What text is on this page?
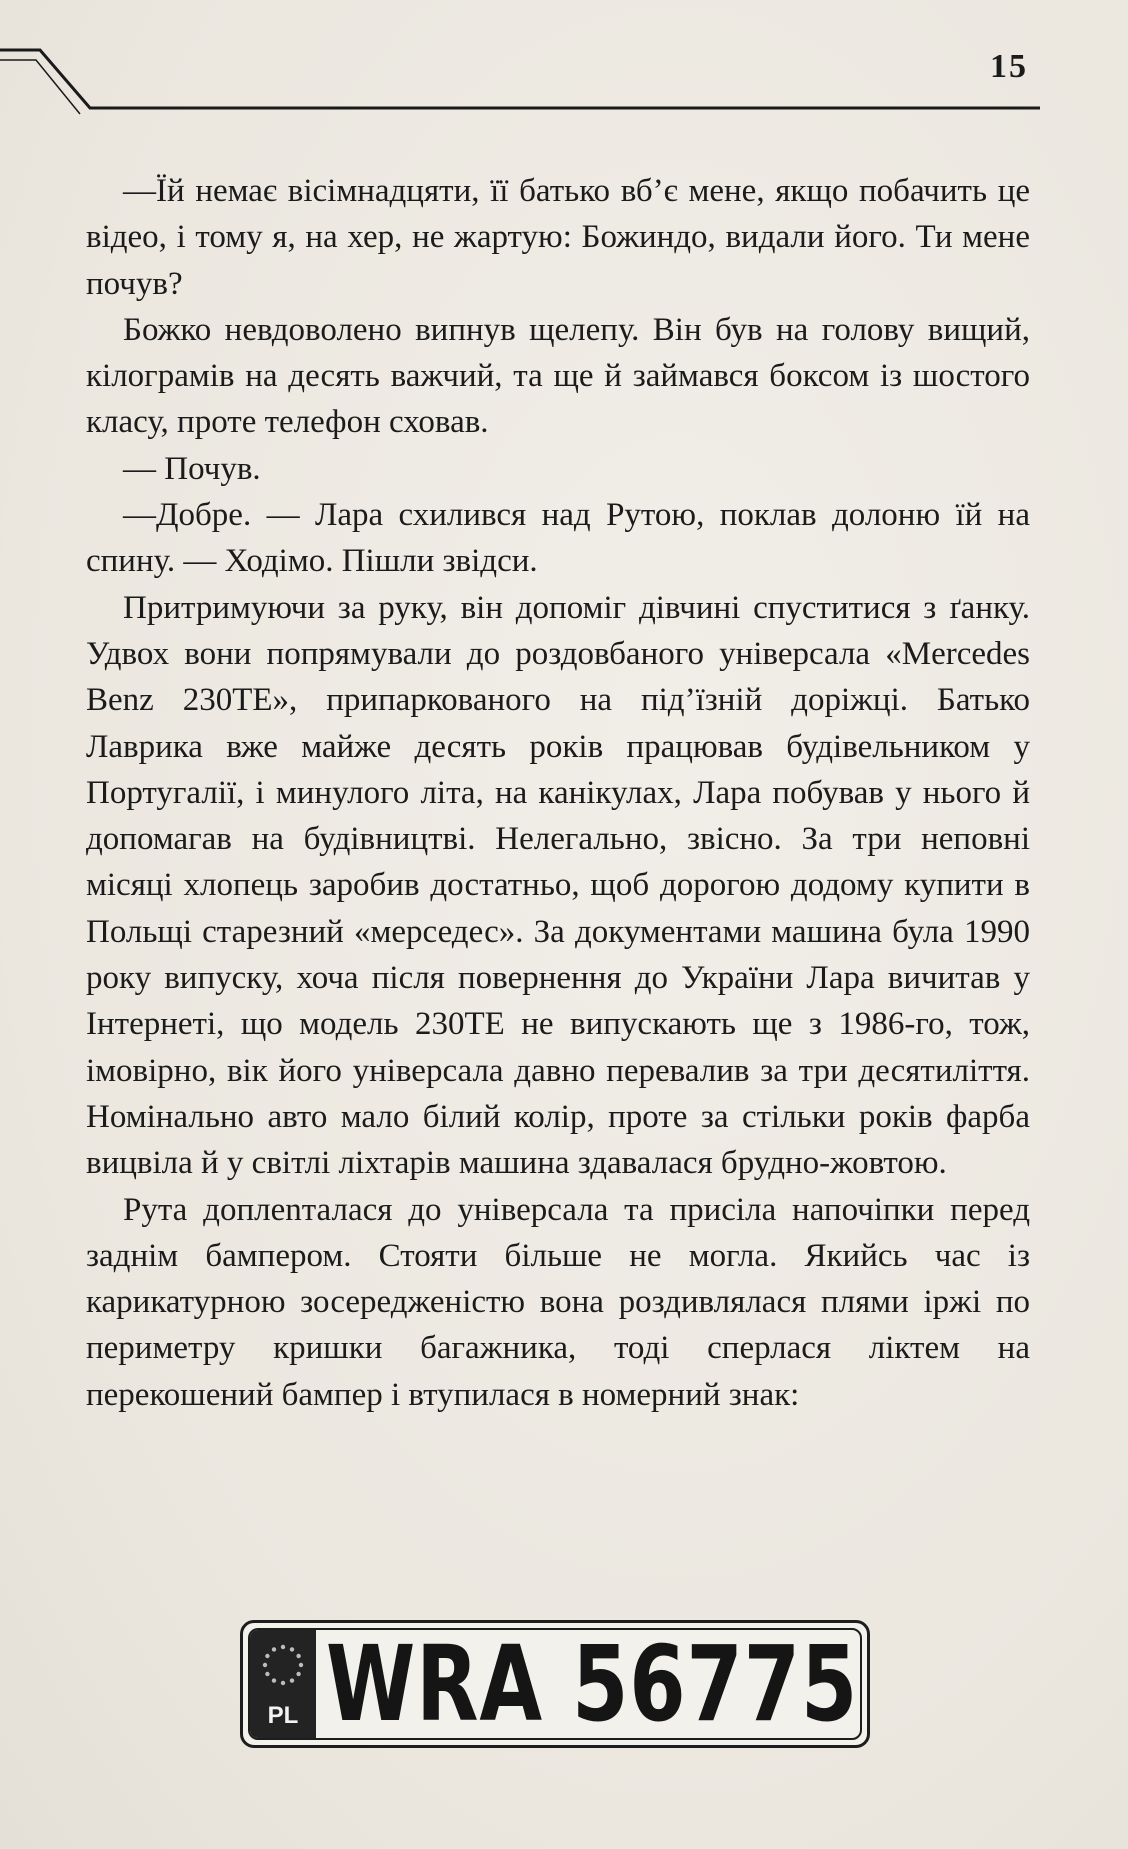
15

—Їй немає вісімнадцяти, її батько вб’є мене, якщо побачить це відео, і тому я, на хер, не жартую: Божиндо, видали його. Ти мене почув?

Божко невдоволено випнув щелепу. Він був на голову вищий, кілограмів на десять важчий, та ще й займався боксом із шостого класу, проте телефон сховав.

— Почув.

—Добре. — Лара схилився над Рутою, поклав долоню їй на спину. — Ходімо. Пішли звідси.

Притримуючи за руку, він допоміг дівчині спуститися з ґанку. Удвох вони попрямували до роздовбаного універсала «Mercedes Benz 230TE», припаркованого на під’їзній доріжці. Батько Лаврика вже майже десять років працював будівельником у Португалії, і минулого літа, на канікулах, Лара побував у нього й допомагав на будівництві. Нелегально, звісно. За три неповні місяці хлопець заробив достатньо, щоб дорогою додому купити в Польщі старезний «мерседес». За документами машина була 1990 року випуску, хоча після повернення до України Лара вичитав у Інтернеті, що модель 230TE не випускають ще з 1986-го, тож, імовірно, вік його універсала давно перевалив за три десятиліття. Номінально авто мало білий колір, проте за стільки років фарба вицвіла й у світлі ліхтарів машина здавалася брудно-жовтою.

Рута доплenталася до універсала та присіла напочіпки перед заднім бампером. Стояти більше не могла. Якийсь час із карикатурною зосередженістю вона роздивлялася плями іржі по периметру кришки багажника, тоді сперлася ліктем на перекошений бампер і втупилася в номерний знак:

PL WRA 56775
